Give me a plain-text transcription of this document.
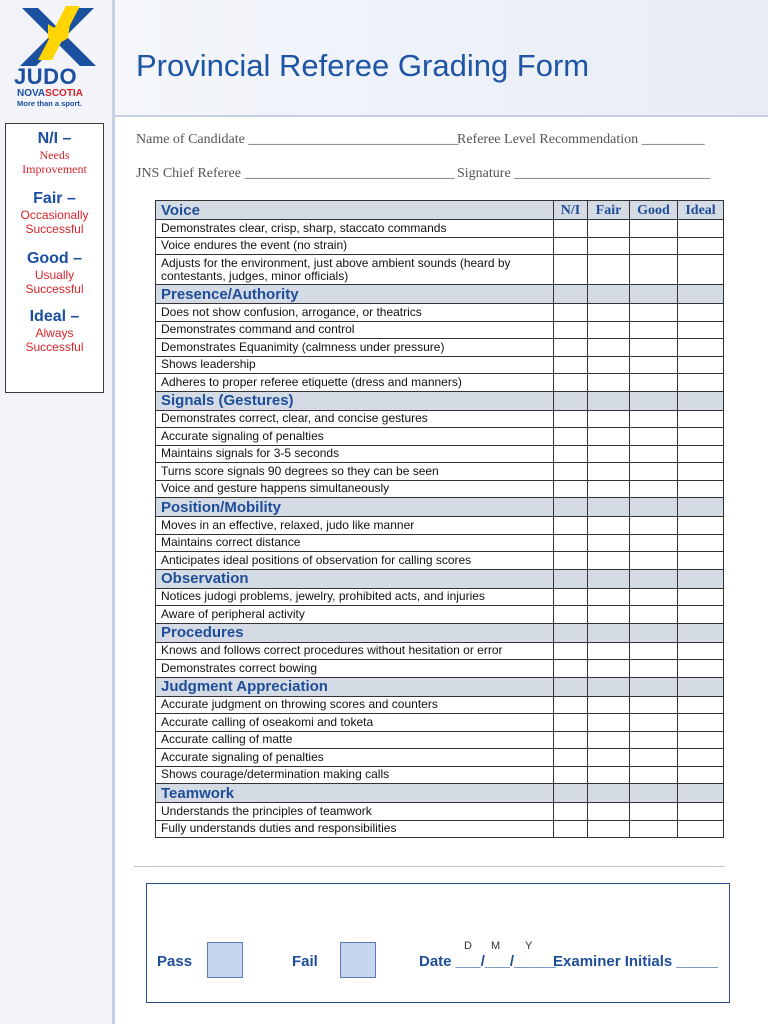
JUDO
NOVASCOTIA
More than a sport.
Provincial Referee Grading Form
N/I –
Needs
Improvement
Fair –
Occasionally
Successful
Good –
Usually
Successful
Ideal –
Always
Successful
Name of Candidate ______________________________
Referee Level Recommendation _________
JNS Chief Referee ______________________________ Signature ____________________________
Voice	N/I	Fair	Good	Ideal
Demonstrates clear, crisp, sharp, staccato commands				
Voice endures the event (no strain)				
Adjusts for the environment, just above ambient sounds (heard by contestants, judges, minor officials)				
Presence/Authority				
Does not show confusion, arrogance, or theatrics				
Demonstrates command and control				
Demonstrates Equanimity (calmness under pressure)				
Shows leadership				
Adheres to proper referee etiquette (dress and manners)				
Signals (Gestures)				
Demonstrates correct, clear, and concise gestures				
Accurate signaling of penalties				
Maintains signals for 3-5 seconds				
Turns score signals 90 degrees so they can be seen				
Voice and gesture happens simultaneously				
Position/Mobility				
Moves in an effective, relaxed, judo like manner				
Maintains correct distance				
Anticipates ideal positions of observation for calling scores				
Observation				
Notices judogi problems, jewelry, prohibited acts, and injuries				
Aware of peripheral activity				
Procedures				
Knows and follows correct procedures without hesitation or error				
Demonstrates correct bowing				
Judgment Appreciation				
Accurate judgment on throwing scores and counters				
Accurate calling of oseakomi and toketa				
Accurate calling of matte				
Accurate signaling of penalties				
Shows courage/determination making calls				
Teamwork				
Understands the principles of teamwork				
Fully understands duties and responsibilities				
Pass	Fail
D M Y
Date ___/___/_____
Examiner Initials _____
